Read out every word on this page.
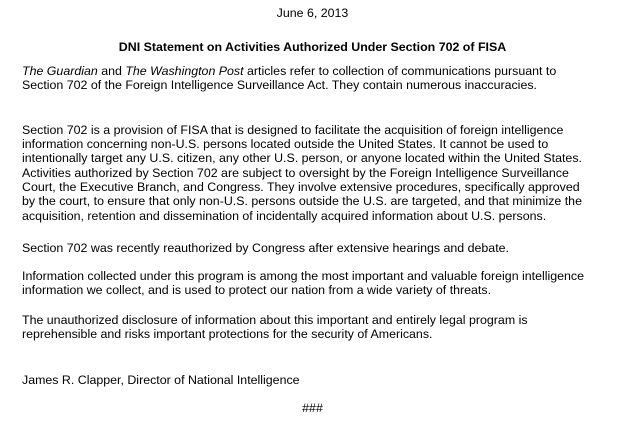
June 6, 2013
DNI Statement on Activities Authorized Under Section 702 of FISA
The Guardian and The Washington Post articles refer to collection of communications pursuant to
Section 702 of the Foreign Intelligence Surveillance Act. They contain numerous inaccuracies.
Section 702 is a provision of FISA that is designed to facilitate the acquisition of foreign intelligence
information concerning non-U.S. persons located outside the United States. It cannot be used to
intentionally target any U.S. citizen, any other U.S. person, or anyone located within the United States.
Activities authorized by Section 702 are subject to oversight by the Foreign Intelligence Surveillance
Court, the Executive Branch, and Congress. They involve extensive procedures, specifically approved
by the court, to ensure that only non-U.S. persons outside the U.S. are targeted, and that minimize the
acquisition, retention and dissemination of incidentally acquired information about U.S. persons.
Section 702 was recently reauthorized by Congress after extensive hearings and debate.
Information collected under this program is among the most important and valuable foreign intelligence
information we collect, and is used to protect our nation from a wide variety of threats.
The unauthorized disclosure of information about this important and entirely legal program is
reprehensible and risks important protections for the security of Americans.
James R. Clapper, Director of National Intelligence
###
